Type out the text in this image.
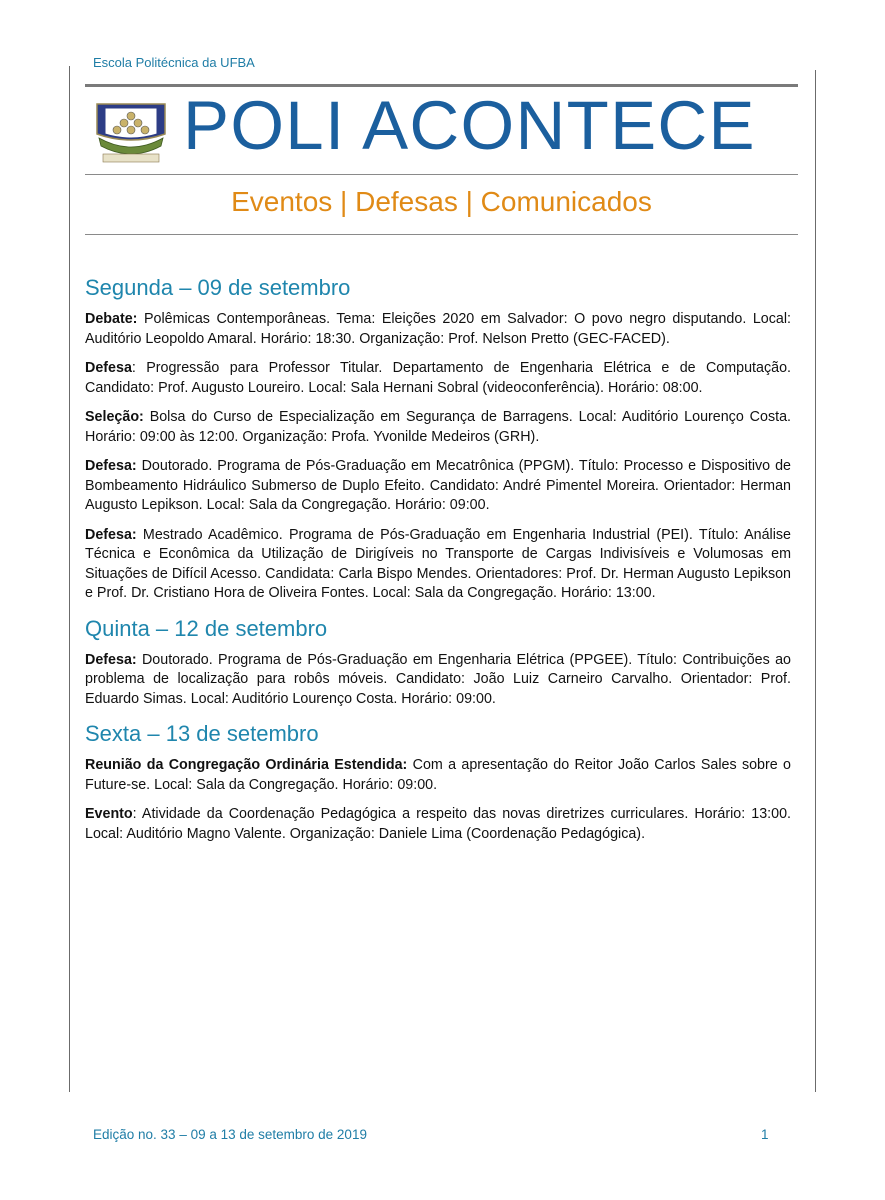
Escola Politécnica da UFBA
POLI ACONTECE
Eventos | Defesas | Comunicados
Segunda – 09 de setembro

Debate: Polêmicas Contemporâneas. Tema: Eleições 2020 em Salvador: O povo negro disputando. Local: Auditório Leopoldo Amaral. Horário: 18:30. Organização: Prof. Nelson Pretto (GEC-FACED).

Defesa: Progressão para Professor Titular. Departamento de Engenharia Elétrica e de Computação. Candidato: Prof. Augusto Loureiro. Local: Sala Hernani Sobral (videoconferência). Horário: 08:00.

Seleção: Bolsa do Curso de Especialização em Segurança de Barragens. Local: Auditório Lourenço Costa. Horário: 09:00 às 12:00. Organização: Profa. Yvonilde Medeiros (GRH).

Defesa: Doutorado. Programa de Pós-Graduação em Mecatrônica (PPGM). Título: Processo e Dispositivo de Bombeamento Hidráulico Submerso de Duplo Efeito. Candidato: André Pimentel Moreira. Orientador: Herman Augusto Lepikson. Local: Sala da Congregação. Horário: 09:00.

Defesa: Mestrado Acadêmico. Programa de Pós-Graduação em Engenharia Industrial (PEI). Título: Análise Técnica e Econômica da Utilização de Dirigíveis no Transporte de Cargas Indivisíveis e Volumosas em Situações de Difícil Acesso. Candidata: Carla Bispo Mendes. Orientadores: Prof. Dr. Herman Augusto Lepikson e Prof. Dr. Cristiano Hora de Oliveira Fontes. Local: Sala da Congregação. Horário: 13:00.

Quinta – 12 de setembro

Defesa: Doutorado. Programa de Pós-Graduação em Engenharia Elétrica (PPGEE). Título: Contribuições ao problema de localização para robôs móveis. Candidato: João Luiz Carneiro Carvalho. Orientador: Prof. Eduardo Simas. Local: Auditório Lourenço Costa. Horário: 09:00.

Sexta – 13 de setembro

Reunião da Congregação Ordinária Estendida: Com a apresentação do Reitor João Carlos Sales sobre o Future-se. Local: Sala da Congregação. Horário: 09:00.

Evento: Atividade da Coordenação Pedagógica a respeito das novas diretrizes curriculares. Horário: 13:00. Local: Auditório Magno Valente. Organização: Daniele Lima (Coordenação Pedagógica).

Edição no. 33 – 09 a 13 de setembro de 2019	1
